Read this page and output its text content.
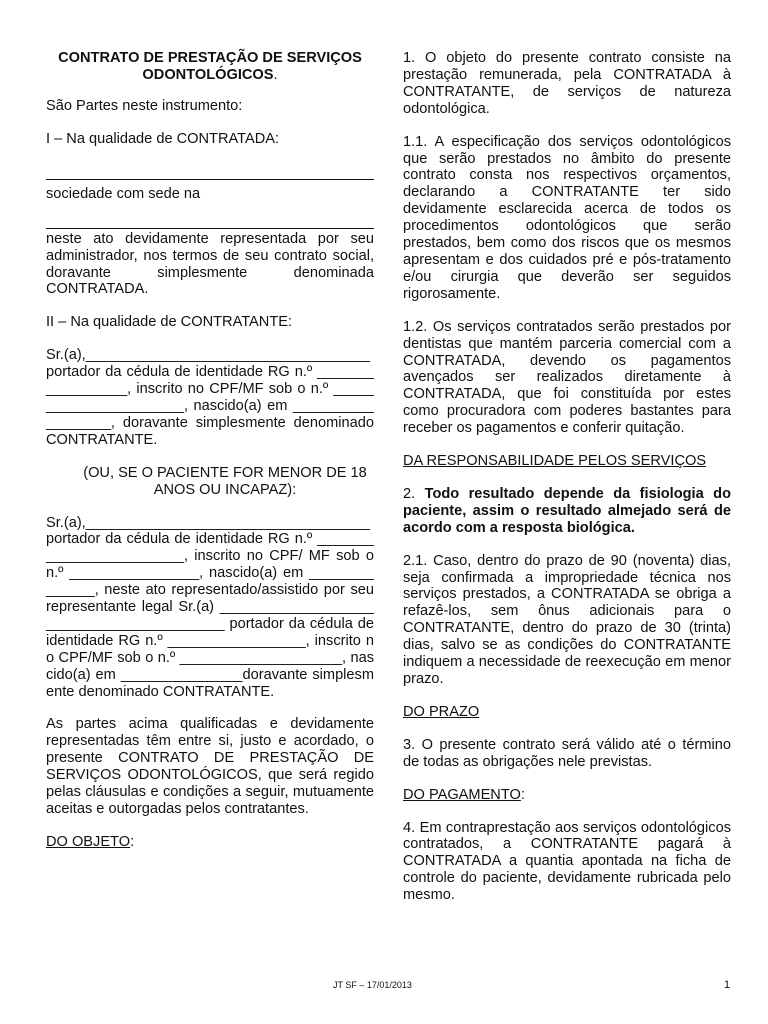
CONTRATO DE PRESTAÇÃO DE SERVIÇOS
ODONTOLÓGICOS.

São Partes neste instrumento:

I – Na qualidade de CONTRATADA:

sociedade com sede na

neste ato devidamente representada por seu administrador, nos termos de seu contrato social, doravante simplesmente denominada CONTRATADA.

II – Na qualidade de CONTRATANTE:

Sr.(a),___________________________________ portador da cédula de identidade RG n.º _________________, inscrito no CPF/MF sob o n.º ______________________, nascido(a) em __________________, doravante simplesmente denominado CONTRATANTE.

(OU, SE O PACIENTE FOR MENOR DE 18 ANOS OU INCAPAZ):

Sr.(a),___________________________________ portador da cédula de identidade RG n.º ________________________, inscrito no CPF/ MF sob o n.º ________________, nascido(a) em ______________, neste ato representado/assistido por seu representante legal Sr.(a) _________________________________________ portador da cédula de identidade RG n.º _________________, inscrito no CPF/MF sob o n.º ____________________, nascido(a) em _______________doravante simplesmente denominado CONTRATANTE.

As partes acima qualificadas e devidamente representadas têm entre si, justo e acordado, o presente CONTRATO DE PRESTAÇÃO DE SERVIÇOS ODONTOLÓGICOS, que será regido pelas cláusulas e condições a seguir, mutuamente aceitas e outorgadas pelos contratantes.

DO OBJETO:

1. O objeto do presente contrato consiste na prestação remunerada, pela CONTRATADA à CONTRATANTE, de serviços de natureza odontológica.

1.1. A especificação dos serviços odontológicos que serão prestados no âmbito do presente contrato consta nos respectivos orçamentos, declarando a CONTRATANTE ter sido devidamente esclarecida acerca de todos os procedimentos odontológicos que serão prestados, bem como dos riscos que os mesmos apresentam e dos cuidados pré e pós-tratamento e/ou cirurgia que deverão ser seguidos rigorosamente.

1.2. Os serviços contratados serão prestados por dentistas que mantém parceria comercial com a CONTRATADA, devendo os pagamentos avençados ser realizados diretamente à CONTRATADA, que foi constituída por estes como procuradora com poderes bastantes para receber os pagamentos e conferir quitação.

DA RESPONSABILIDADE PELOS SERVIÇOS

2. Todo resultado depende da fisiologia do paciente, assim o resultado almejado será de acordo com a resposta biológica.

2.1. Caso, dentro do prazo de 90 (noventa) dias, seja confirmada a impropriedade técnica nos serviços prestados, a CONTRATADA se obriga a refazê-los, sem ônus adicionais para o CONTRATANTE, dentro do prazo de 30 (trinta) dias, salvo se as condições do CONTRATANTE indiquem a necessidade de reexecução em menor prazo.

DO PRAZO

3. O presente contrato será válido até o término de todas as obrigações nele previstas.

DO PAGAMENTO:

4. Em contraprestação aos serviços odontológicos contratados, a CONTRATANTE pagará à CONTRATADA a quantia apontada na ficha de controle do paciente, devidamente rubricada pelo mesmo.

JT SF – 17/01/2013	1
